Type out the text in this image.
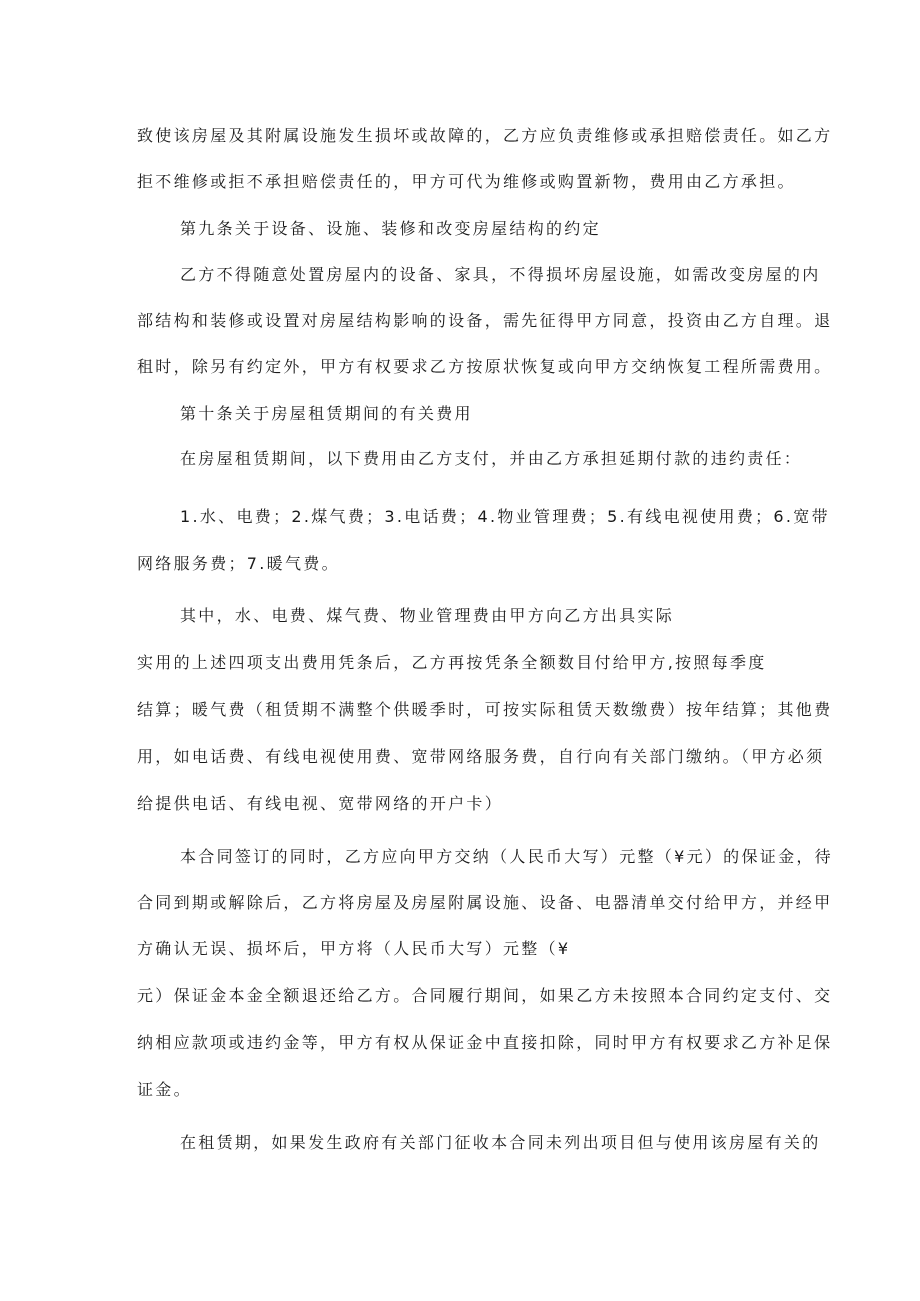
致使该房屋及其附属设施发生损坏或故障的，乙方应负责维修或承担赔偿责任。如乙方
拒不维修或拒不承担赔偿责任的，甲方可代为维修或购置新物，费用由乙方承担。
第九条关于设备、设施、装修和改变房屋结构的约定
乙方不得随意处置房屋内的设备、家具，不得损坏房屋设施，如需改变房屋的内
部结构和装修或设置对房屋结构影响的设备，需先征得甲方同意，投资由乙方自理。退
租时，除另有约定外，甲方有权要求乙方按原状恢复或向甲方交纳恢复工程所需费用。
第十条关于房屋租赁期间的有关费用
在房屋租赁期间，以下费用由乙方支付，并由乙方承担延期付款的违约责任：
1.水、电费；2.煤气费；3.电话费；4.物业管理费；5.有线电视使用费；6.宽带
网络服务费；7.暖气费。
其中，水、电费、煤气费、物业管理费由甲方向乙方出具实际
实用的上述四项支出费用凭条后，乙方再按凭条全额数目付给甲方,按照每季度
结算；暖气费（租赁期不满整个供暖季时，可按实际租赁天数缴费）按年结算；其他费
用，如电话费、有线电视使用费、宽带网络服务费，自行向有关部门缴纳。（甲方必须
给提供电话、有线电视、宽带网络的开户卡）
本合同签订的同时，乙方应向甲方交纳（人民币大写）元整（¥元）的保证金，待
合同到期或解除后，乙方将房屋及房屋附属设施、设备、电器清单交付给甲方，并经甲
方确认无误、损坏后，甲方将（人民币大写）元整（¥
元）保证金本金全额退还给乙方。合同履行期间，如果乙方未按照本合同约定支付、交
纳相应款项或违约金等，甲方有权从保证金中直接扣除，同时甲方有权要求乙方补足保
证金。
在租赁期，如果发生政府有关部门征收本合同未列出项目但与使用该房屋有关的
